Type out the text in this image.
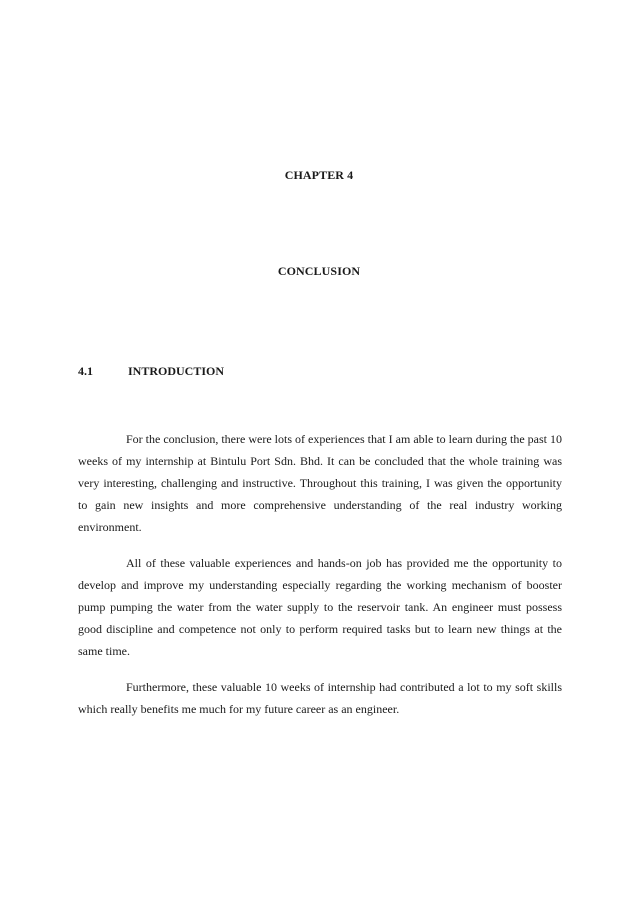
CHAPTER 4
CONCLUSION
4.1	INTRODUCTION

For the conclusion, there were lots of experiences that I am able to learn during the past 10 weeks of my internship at Bintulu Port Sdn. Bhd. It can be concluded that the whole training was very interesting, challenging and instructive. Throughout this training, I was given the opportunity to gain new insights and more comprehensive understanding of the real industry working environment.

All of these valuable experiences and hands-on job has provided me the opportunity to develop and improve my understanding especially regarding the working mechanism of booster pump pumping the water from the water supply to the reservoir tank. An engineer must possess good discipline and competence not only to perform required tasks but to learn new things at the same time.

Furthermore, these valuable 10 weeks of internship had contributed a lot to my soft skills which really benefits me much for my future career as an engineer.
